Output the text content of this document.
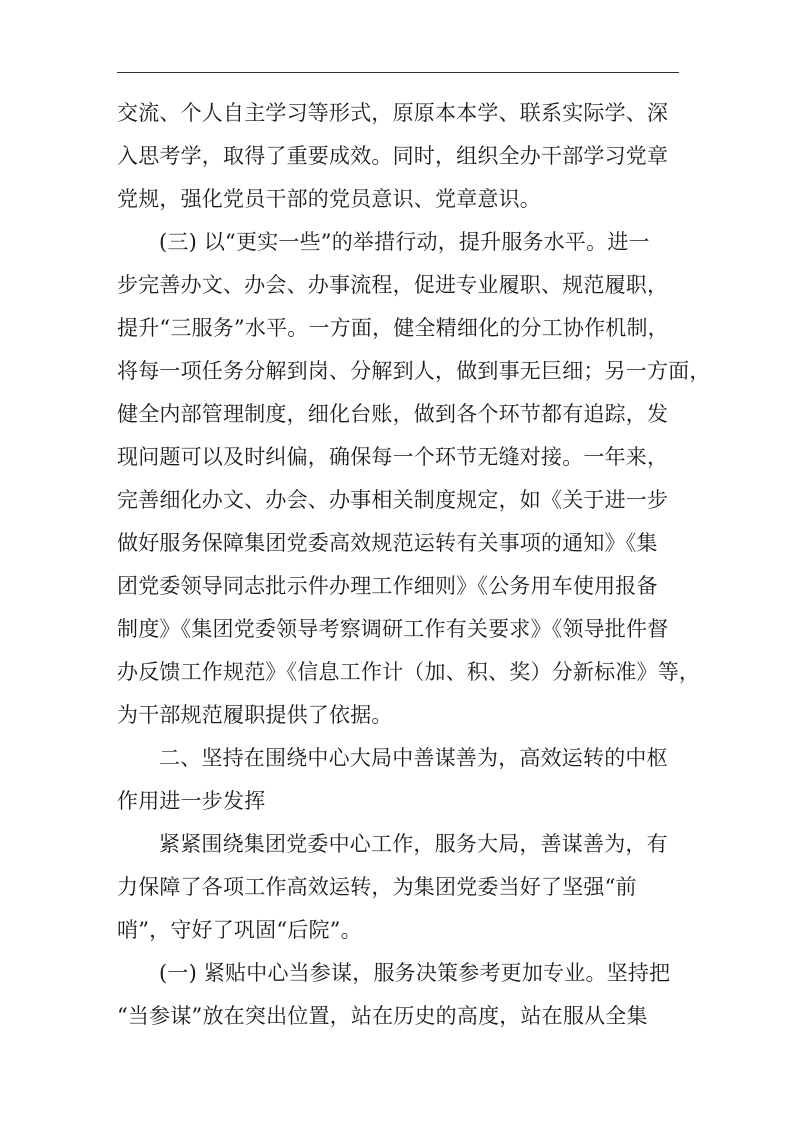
交流、个人自主学习等形式，原原本本学、联系实际学、深
入思考学，取得了重要成效。同时，组织全办干部学习党章
党规，强化党员干部的党员意识、党章意识。
(三) 以“更实一些”的举措行动，提升服务水平。进一
步完善办文、办会、办事流程，促进专业履职、规范履职，
提升“三服务”水平。一方面，健全精细化的分工协作机制，
将每一项任务分解到岗、分解到人，做到事无巨细；另一方面，
健全内部管理制度，细化台账，做到各个环节都有追踪，发
现问题可以及时纠偏，确保每一个环节无缝对接。一年来，
完善细化办文、办会、办事相关制度规定，如《关于进一步
做好服务保障集团党委高效规范运转有关事项的通知》《集
团党委领导同志批示件办理工作细则》《公务用车使用报备
制度》《集团党委领导考察调研工作有关要求》《领导批件督
办反馈工作规范》《信息工作计（加、积、奖）分新标准》等，
为干部规范履职提供了依据。
二、坚持在围绕中心大局中善谋善为，高效运转的中枢
作用进一步发挥
紧紧围绕集团党委中心工作，服务大局，善谋善为，有
力保障了各项工作高效运转，为集团党委当好了坚强“前
哨”，守好了巩固“后院”。
(一) 紧贴中心当参谋，服务决策参考更加专业。坚持把
“当参谋”放在突出位置，站在历史的高度，站在服从全集
